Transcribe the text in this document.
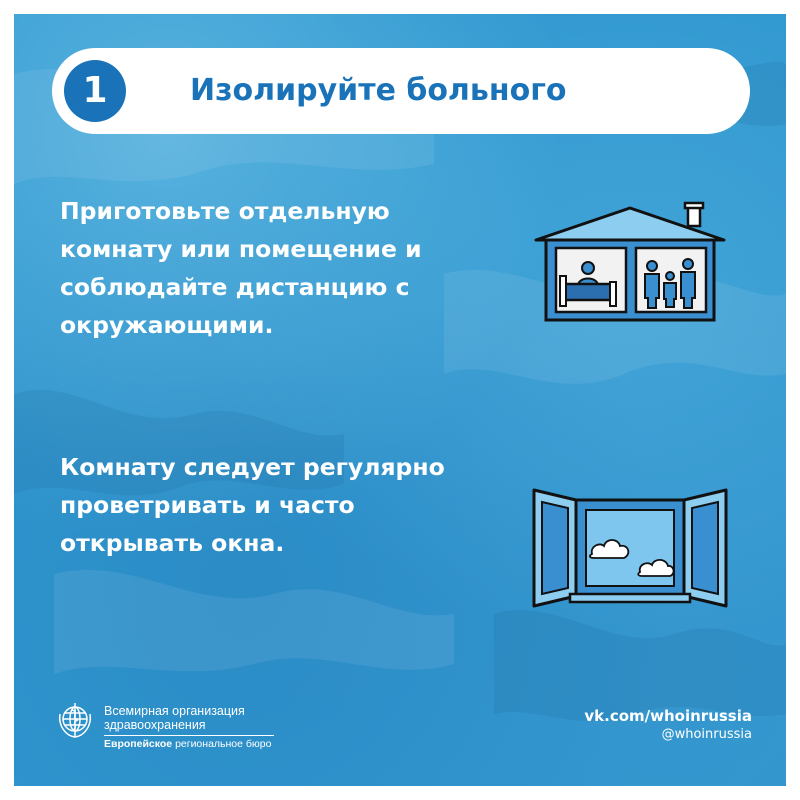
1	Изолируйте больного
Приготовьте отдельную
комнату или помещение и
соблюдайте дистанцию с
окружающими.
Комнату следует регулярно
проветривать и часто
открывать окна.
Всемирная организация
здравоохранения
Европейское региональное бюро
vk.com/whoinrussia
@whoinrussia
